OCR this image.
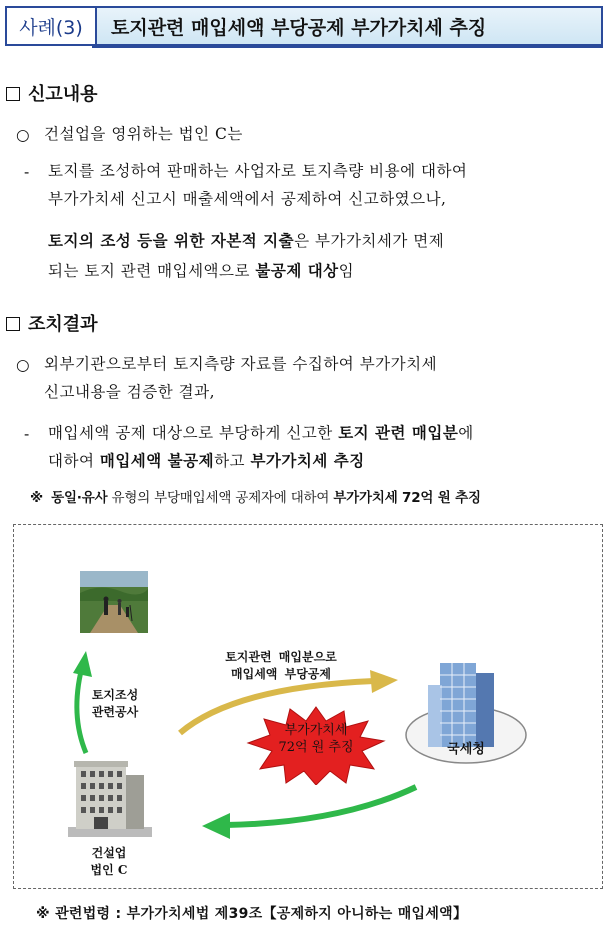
사례(3)	토지관련 매입세액 부당공제 부가가치세 추징
신고내용
○ 건설업을 영위하는 법인 C는
- 토지를 조성하여 판매하는 사업자로 토지측량 비용에 대하여
부가가치세 신고시 매출세액에서 공제하여 신고하였으나,
토지의 조성 등을 위한 자본적 지출은 부가가치세가 면제
되는 토지 관련 매입세액으로 불공제 대상임
조치결과
○ 외부기관으로부터 토지측량 자료를 수집하여 부가가치세
신고내용을 검증한 결과,
- 매입세액 공제 대상으로 부당하게 신고한 토지 관련 매입분에
대하여 매입세액 불공제하고 부가가치세 추징
※ 동일·유사 유형의 부당매입세액 공제자에 대하여 부가가치세 72억 원 추징
토지조성
관련공사
건설업
법인 C
토지관련 매입분으로
매입세액 부당공제
부가가치세
72억 원 추징	국세청
※ 관련법령 : 부가가치세법 제39조【공제하지 아니하는 매입세액】
